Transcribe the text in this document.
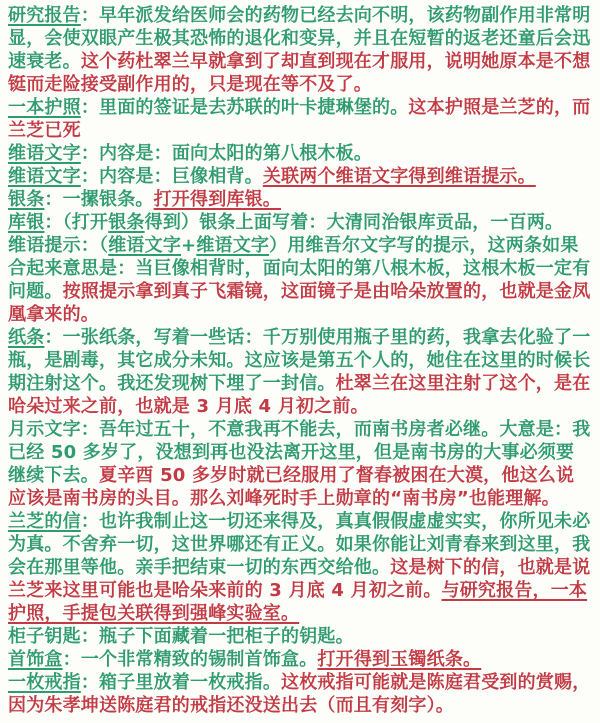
研究报告：早年派发给医师会的药物已经去向不明，该药物副作用非常明显，会使双眼产生极其恐怖的退化和变异，并且在短暂的返老还童后会迅速衰老。这个药杜翠兰早就拿到了却直到现在才服用，说明她原本是不想铤而走险接受副作用的，只是现在等不及了。

一本护照：里面的签证是去苏联的叶卡捷琳堡的。这本护照是兰芝的，而兰芝已死

维语文字：内容是：面向太阳的第八根木板。

维语文字：内容是：巨像相背。关联两个维语文字得到维语提示。

银条：一摞银条。打开得到库银。

库银：（打开银条得到）银条上面写着：大清同治银库贡品，一百两。

维语提示：（维语文字+维语文字）用维吾尔文字写的提示，这两条如果合起来意思是：当巨像相背时，面向太阳的第八根木板，这根木板一定有问题。按照提示拿到真子飞霜镜，这面镜子是由哈朵放置的，也就是金凤凰拿来的。

纸条：一张纸条，写着一些话：千万别使用瓶子里的药，我拿去化验了一瓶，是剧毒，其它成分未知。这应该是第五个人的，她住在这里的时候长期注射这个。我还发现树下埋了一封信。杜翠兰在这里注射了这个，是在哈朵过来之前，也就是 3 月底 4 月初之前。

月示文字：吾年过五十，不意我再不能去，而南书房者必继。大意是：我已经 50 多岁了，没想到再也没法离开这里，但是南书房的大事必须要继续下去。夏辛酉 50 多岁时就已经服用了督春被困在大漠，他这么说应该是南书房的头目。那么刘峰死时手上勋章的“南书房”也能理解。

兰芝的信：也许我制止这一切还来得及，真真假假虚虚实实，你所见未必为真。不舍弃一切，这世界哪还有正义。如果你能让刘青春来到这里，我会在那里等他。亲手把结束一切的东西交给他。这是树下的信，也就是说兰芝来这里可能也是哈朵来前的 3 月底 4 月初之前。与研究报告，一本护照，手提包关联得到强峰实验室。

柜子钥匙：瓶子下面藏着一把柜子的钥匙。

首饰盒：一个非常精致的锡制首饰盒。打开得到玉镯纸条。

一枚戒指：箱子里放着一枚戒指。这枚戒指可能就是陈庭君受到的赏赐，因为朱孝坤送陈庭君的戒指还没送出去（而且有刻字）。
